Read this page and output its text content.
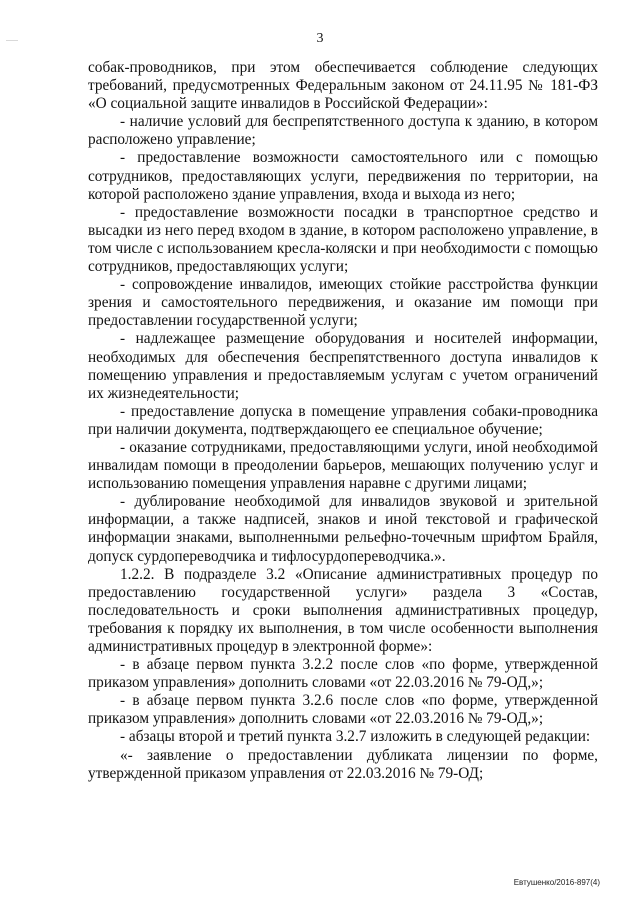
3

собак-проводников, при этом обеспечивается соблюдение следующих требований, предусмотренных Федеральным законом от 24.11.95 № 181-ФЗ «О социальной защите инвалидов в Российской Федерации»:

- наличие условий для беспрепятственного доступа к зданию, в котором расположено управление;

- предоставление возможности самостоятельного или с помощью сотрудников, предоставляющих услуги, передвижения по территории, на которой расположено здание управления, входа и выхода из него;

- предоставление возможности посадки в транспортное средство и высадки из него перед входом в здание, в котором расположено управление, в том числе с использованием кресла-коляски и при необходимости с помощью сотрудников, предоставляющих услуги;

- сопровождение инвалидов, имеющих стойкие расстройства функции зрения и самостоятельного передвижения, и оказание им помощи при предоставлении государственной услуги;

- надлежащее размещение оборудования и носителей информации, необходимых для обеспечения беспрепятственного доступа инвалидов к помещению управления и предоставляемым услугам с учетом ограничений их жизнедеятельности;

- предоставление допуска в помещение управления собаки-проводника при наличии документа, подтверждающего ее специальное обучение;

- оказание сотрудниками, предоставляющими услуги, иной необходимой инвалидам помощи в преодолении барьеров, мешающих получению услуг и использованию помещения управления наравне с другими лицами;

- дублирование необходимой для инвалидов звуковой и зрительной информации, а также надписей, знаков и иной текстовой и графической информации знаками, выполненными рельефно-точечным шрифтом Брайля, допуск сурдопереводчика и тифлосурдопереводчика.».

1.2.2. В подразделе 3.2 «Описание административных процедур по предоставлению государственной услуги» раздела 3 «Состав, последовательность и сроки выполнения административных процедур, требования к порядку их выполнения, в том числе особенности выполнения административных процедур в электронной форме»:

- в абзаце первом пункта 3.2.2 после слов «по форме, утвержденной приказом управления» дополнить словами «от 22.03.2016 № 79-ОД,»;

- в абзаце первом пункта 3.2.6 после слов «по форме, утвержденной приказом управления» дополнить словами «от 22.03.2016 № 79-ОД,»;

- абзацы второй и третий пункта 3.2.7 изложить в следующей редакции:

«- заявление о предоставлении дубликата лицензии по форме, утвержденной приказом управления от 22.03.2016 № 79-ОД;

Евтушенко/2016-897(4)
